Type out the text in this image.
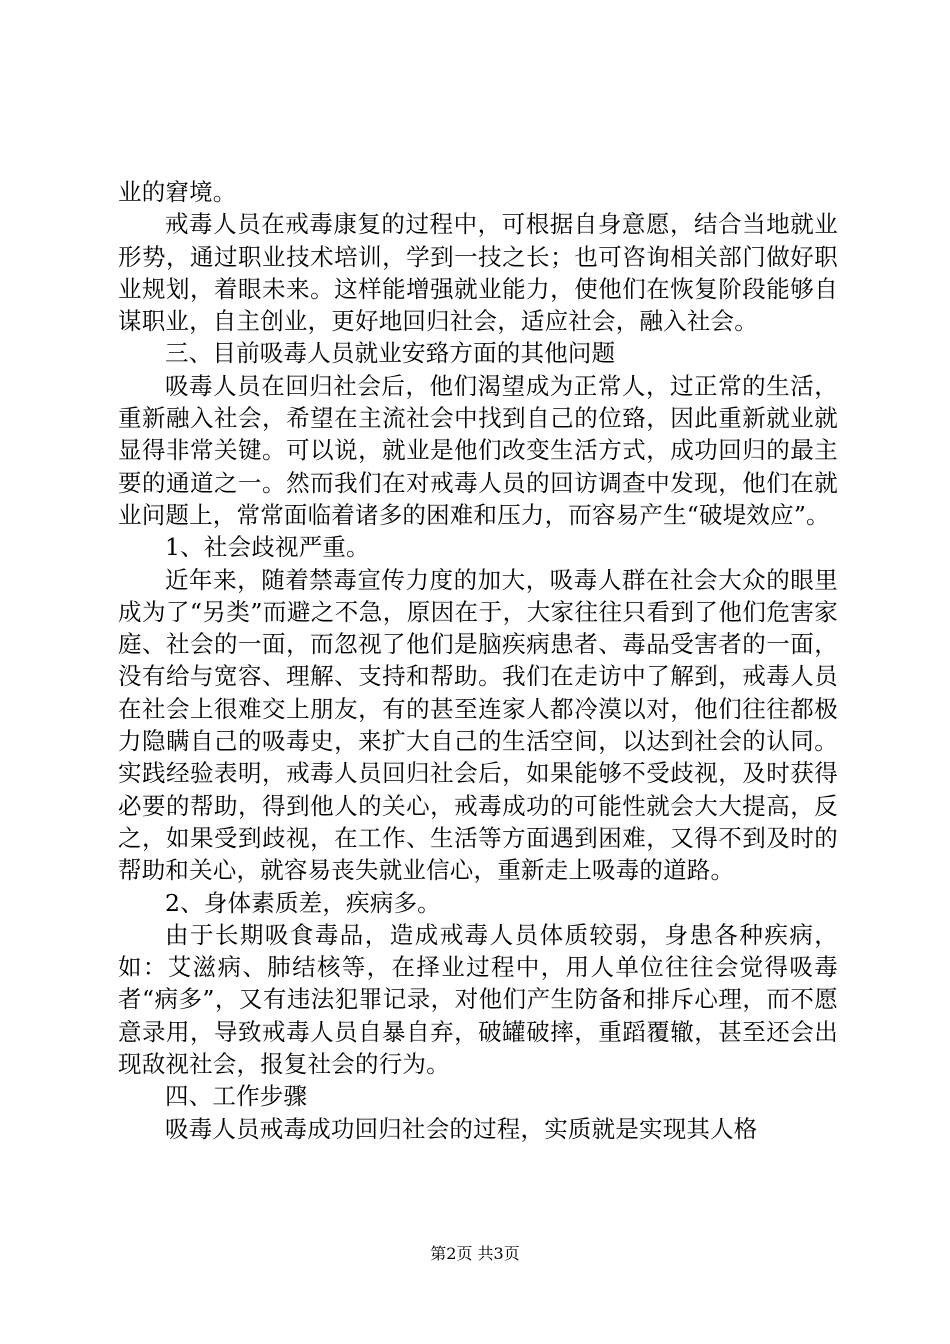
业的窘境。

戒毒人员在戒毒康复的过程中，可根据自身意愿，结合当地就业形势，通过职业技术培训，学到一技之长；也可咨询相关部门做好职业规划，着眼未来。这样能增强就业能力，使他们在恢复阶段能够自谋职业，自主创业，更好地回归社会，适应社会，融入社会。

三、目前吸毒人员就业安臵方面的其他问题

吸毒人员在回归社会后，他们渴望成为正常人，过正常的生活，重新融入社会，希望在主流社会中找到自己的位臵，因此重新就业就显得非常关键。可以说，就业是他们改变生活方式，成功回归的最主要的通道之一。然而我们在对戒毒人员的回访调查中发现，他们在就业问题上，常常面临着诸多的困难和压力，而容易产生“破堤效应”。

1、社会歧视严重。

近年来，随着禁毒宣传力度的加大，吸毒人群在社会大众的眼里成为了“另类”而避之不急，原因在于，大家往往只看到了他们危害家庭、社会的一面，而忽视了他们是脑疾病患者、毒品受害者的一面，没有给与宽容、理解、支持和帮助。我们在走访中了解到，戒毒人员在社会上很难交上朋友，有的甚至连家人都冷漠以对，他们往往都极力隐瞒自己的吸毒史，来扩大自己的生活空间，以达到社会的认同。实践经验表明，戒毒人员回归社会后，如果能够不受歧视，及时获得必要的帮助，得到他人的关心，戒毒成功的可能性就会大大提高，反之，如果受到歧视，在工作、生活等方面遇到困难，又得不到及时的帮助和关心，就容易丧失就业信心，重新走上吸毒的道路。

2、身体素质差，疾病多。

由于长期吸食毒品，造成戒毒人员体质较弱，身患各种疾病，如：艾滋病、肺结核等，在择业过程中，用人单位往往会觉得吸毒者“病多”，又有违法犯罪记录，对他们产生防备和排斥心理，而不愿意录用，导致戒毒人员自暴自弃，破罐破摔，重蹈覆辙，甚至还会出现敌视社会，报复社会的行为。

四、工作步骤

吸毒人员戒毒成功回归社会的过程，实质就是实现其人格

第2页 共3页
